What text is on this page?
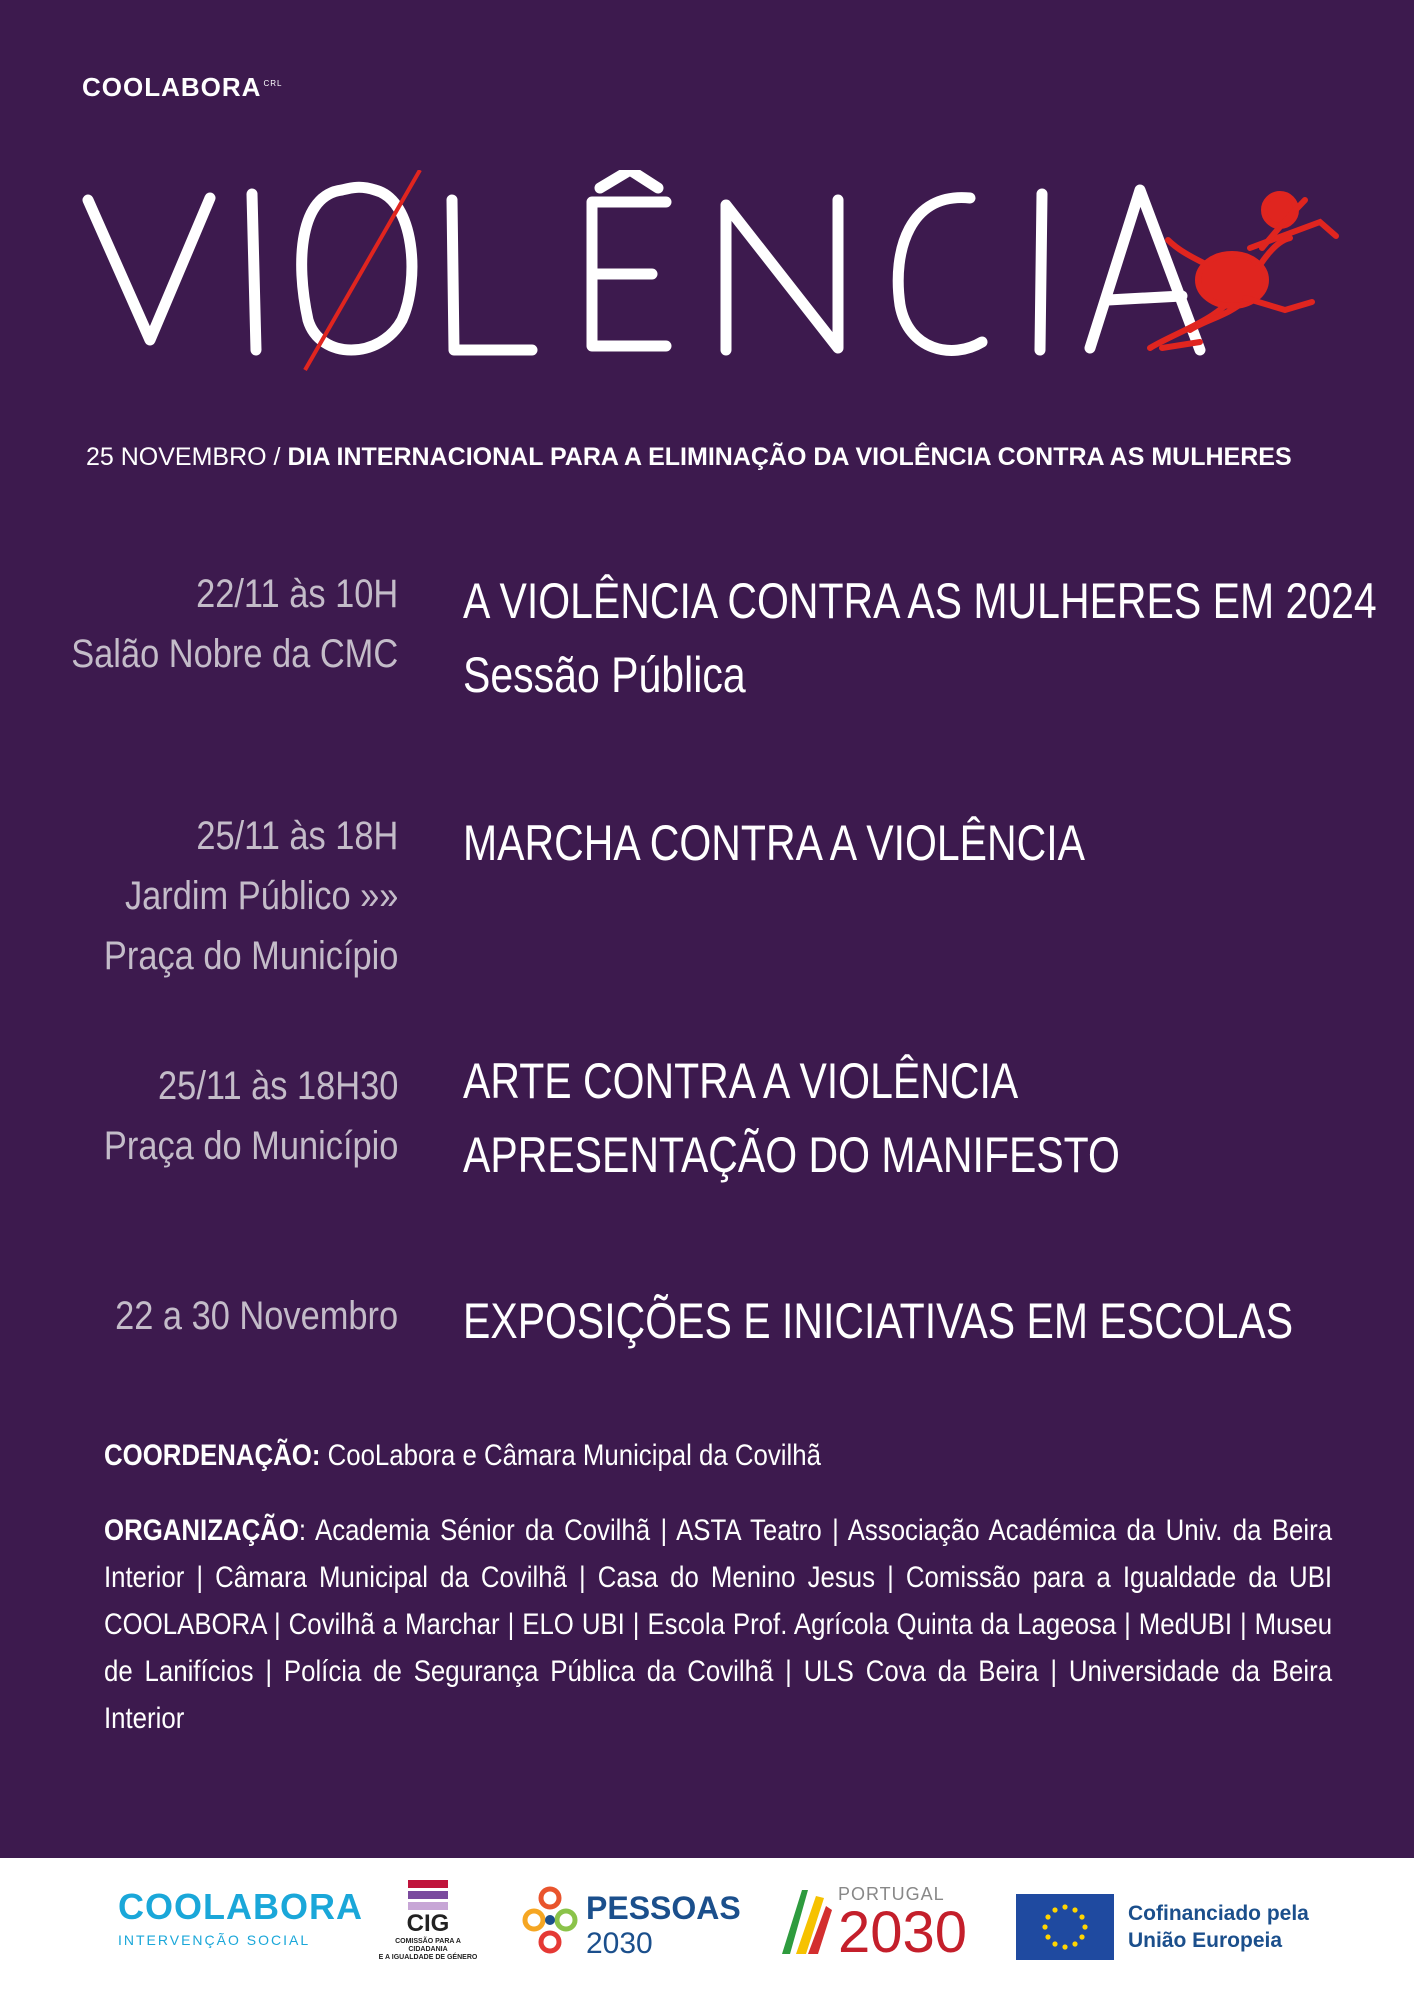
COOLABORA $^{CRL}$
25 NOVEMBRO / DIA INTERNACIONAL PARA A ELIMINAÇÃO DA VIOLÊNCIA CONTRA AS MULHERES
22/11 às 10H
Salão Nobre da CMC
A VIOLÊNCIA CONTRA AS MULHERES EM 2024
Sessão Pública
25/11 às 18H
Jardim Público »»
Praça do Município
MARCHA CONTRA A VIOLÊNCIA
25/11 às 18H30
Praça do Município
ARTE CONTRA A VIOLÊNCIA
APRESENTAÇÃO DO MANIFESTO
22 a 30 Novembro EXPOSIÇÕES E INICIATIVAS EM ESCOLAS
COORDENAÇÃO: CooLabora e Câmara Municipal da Covilhã
ORGANIZAÇÃO: Academia Sénior da Covilhã | ASTA Teatro | Associação Académica da Univ. da Beira Interior | Câmara Municipal da Covilhã | Casa do Menino Jesus | Comissão para a Igualdade da UBI COOLABORA | Covilhã a Marchar | ELO UBI | Escola Prof. Agrícola Quinta da Lageosa | MedUBI | Museu de Lanifícios | Polícia de Segurança Pública da Covilhã | ULS Cova da Beira | Universidade da Beira Interior
COOLABORA
INTERVENÇÃO SOCIAL
CIG
COMISSÃO PARA A CIDADANIA
E A IGUALDADE DE GÉNERO
PESSOAS
2030
PORTUGAL
2030	Cofinanciado pela
União Europeia
